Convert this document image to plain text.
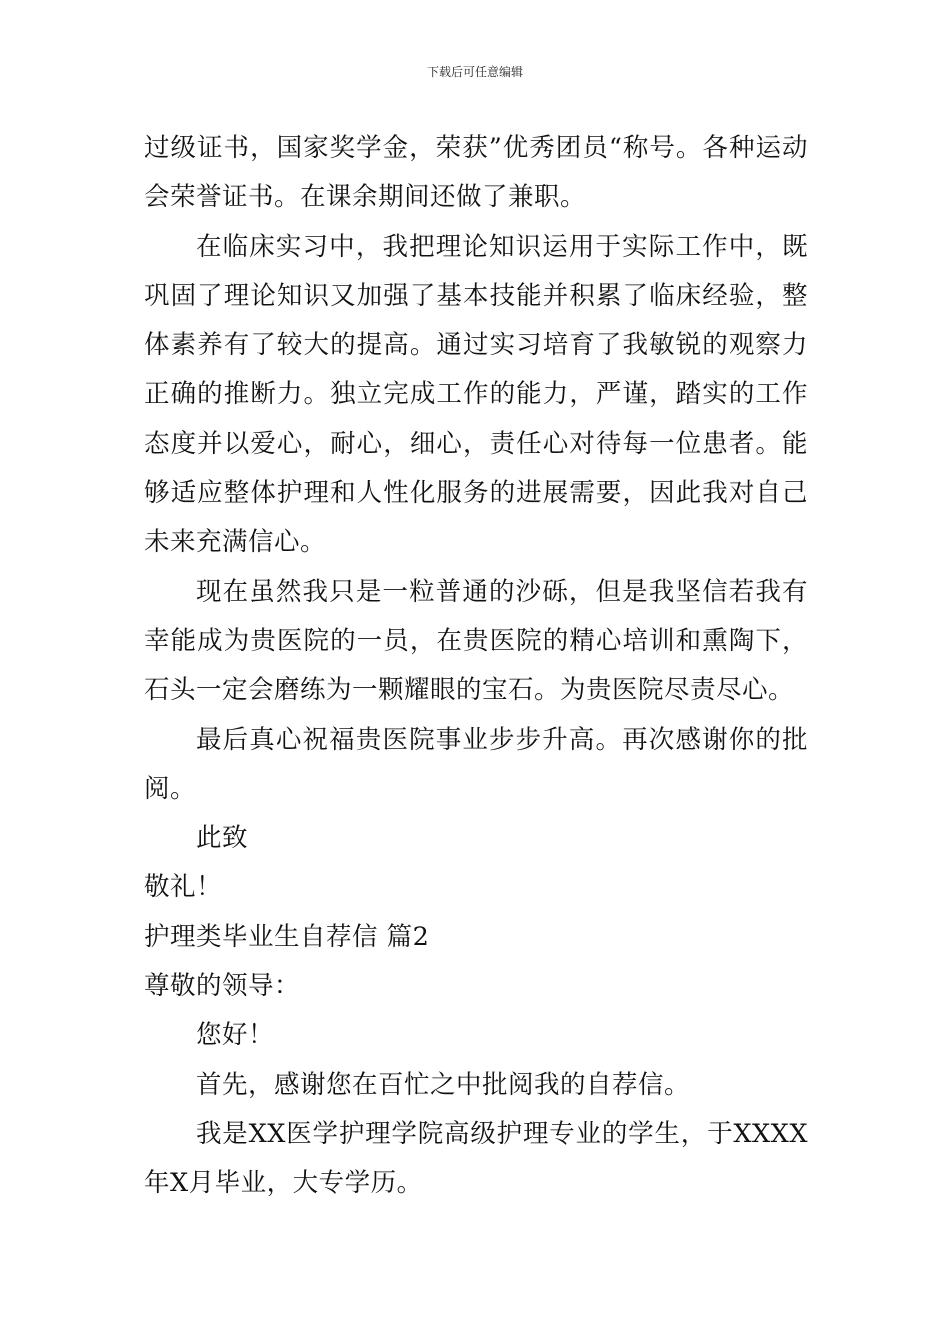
下载后可任意编辑

过级证书，国家奖学金，荣获”优秀团员“称号。各种运动会荣誉证书。在课余期间还做了兼职。

在临床实习中，我把理论知识运用于实际工作中，既巩固了理论知识又加强了基本技能并积累了临床经验，整体素养有了较大的提高。通过实习培育了我敏锐的观察力正确的推断力。独立完成工作的能力，严谨，踏实的工作态度并以爱心，耐心，细心，责任心对待每一位患者。能够适应整体护理和人性化服务的进展需要，因此我对自己未来充满信心。

现在虽然我只是一粒普通的沙砾，但是我坚信若我有幸能成为贵医院的一员，在贵医院的精心培训和熏陶下，石头一定会磨练为一颗耀眼的宝石。为贵医院尽责尽心。

最后真心祝福贵医院事业步步升高。再次感谢你的批阅。

此致

敬礼！

护理类毕业生自荐信 篇2

尊敬的领导：

您好！

首先，感谢您在百忙之中批阅我的自荐信。

我是XX医学护理学院高级护理专业的学生，于XXXX年X月毕业，大专学历。
